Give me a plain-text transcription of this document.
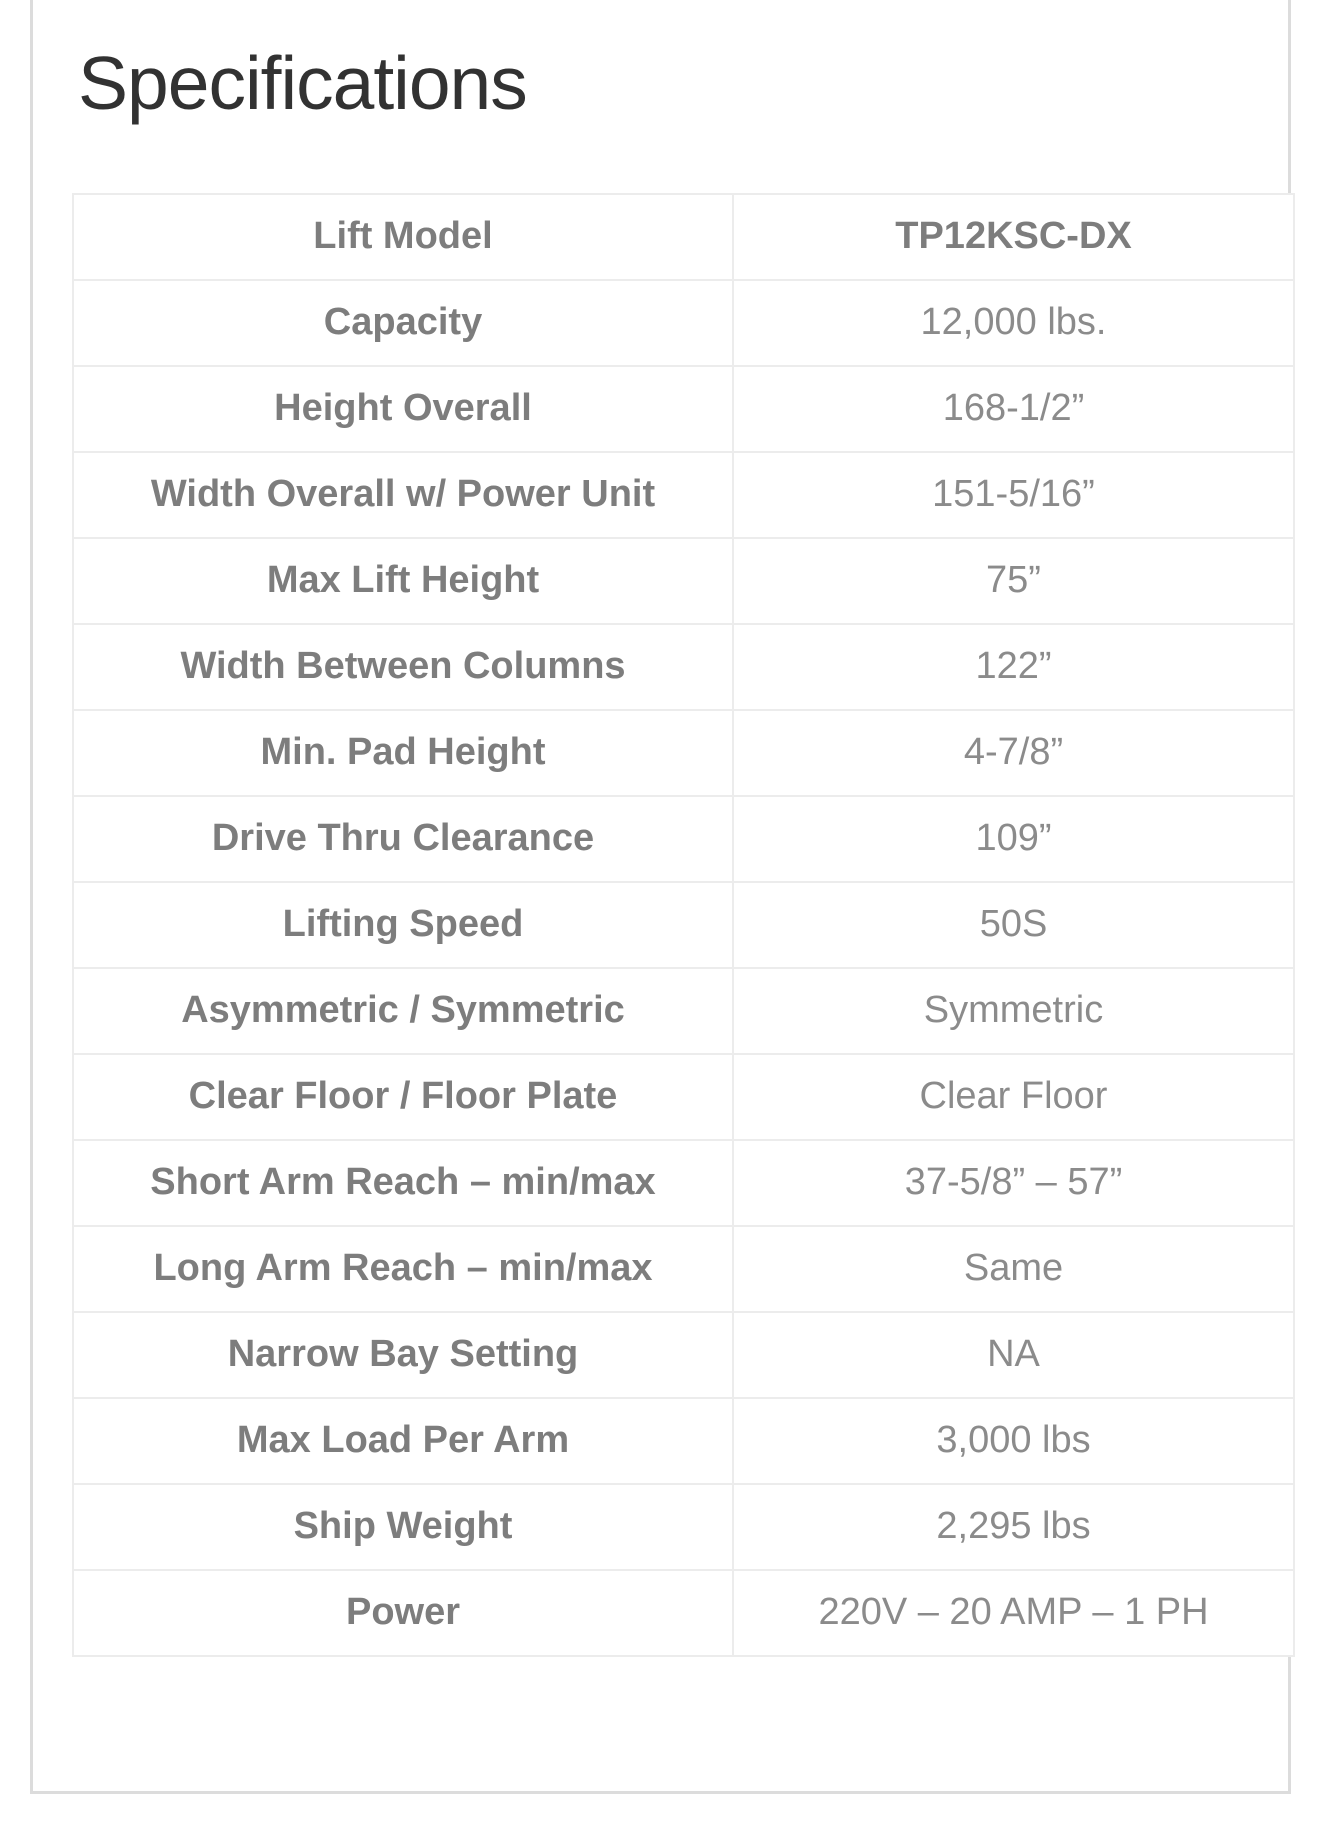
Specifications
Lift Model	TP12KSC-DX
Capacity	12,000 lbs.
Height Overall	168-1/2”
Width Overall w/ Power Unit	151-5/16”
Max Lift Height	75”
Width Between Columns	122”
Min. Pad Height	4-7/8”
Drive Thru Clearance	109”
Lifting Speed	50S
Asymmetric / Symmetric	Symmetric
Clear Floor / Floor Plate	Clear Floor
Short Arm Reach – min/max	37-5/8” – 57”
Long Arm Reach – min/max	Same
Narrow Bay Setting	NA
Max Load Per Arm	3,000 lbs
Ship Weight	2,295 lbs
Power	220V – 20 AMP – 1 PH
